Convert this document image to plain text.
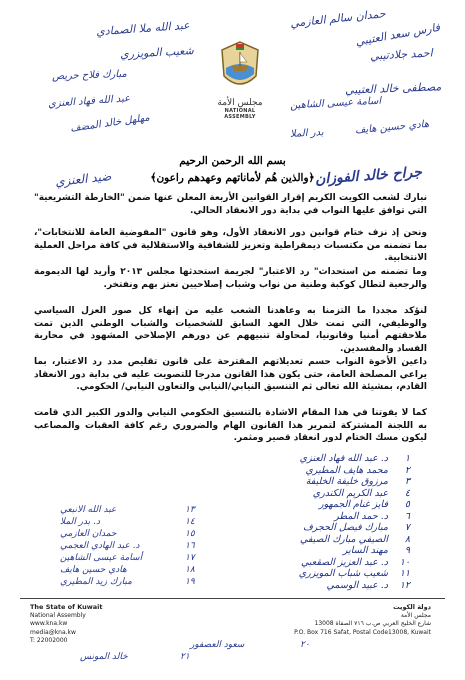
عبد الله ملا الصمادي	حمدان سالم العازمي
فارس سعد العتيبي
احمد جلادتيبي
شعيب المويزري
مصطفى خالد العتيبي
اسامة عيسى الشاهين
هادي حسين هايف
مبارك فلاح حريص
عبد الله فهاد العنزي
مهلهل خالد المضف	بدر الملا
جراح خالد الفوزان
ضيد العنزي
مجلس الأمة
NATIONAL ASSEMBLY
بسم الله الرحمن الرحيم
﴿والذين هُم لأماناتهم وعهدهم راعون﴾
نبارك لشعب الكويت الكريم إقرار القوانين الأربعة المعلن عنها ضمن "الخارطة التشريعية" التي توافق عليها النواب في بداية دور الانعقاد الحالي.
ونحن إذ نزف ختام قوانين دور الانعقاد الأول، وهو قانون "المفوضية العامة للانتخابات"، بما تضمنه من مكتسبات ديمقراطية وتعزيز للشفافية والاستقلالية في كافة مراحل العملية الانتخابية.
وما تضمنه من استحداث" رد الاعتبار" لجريمة استحدثها مجلس ٢٠١٣ وأريد لها الديمومة والرجعية لتطال كوكبة وطنية من نواب وشباب إصلاحيين نعتز بهم ونفتخر.
لنؤكد مجددا ما التزمنا به وعاهدنا الشعب عليه من إنهاء كل صور العزل السياسي والوظيفي، التي تمت خلال العهد السابق للشخصيات والشباب الوطني الذين تمت ملاحقتهم أمنيا وقانونيا، لمحاولة تنبيههم عن دورهم الإصلاحي المشهود في محاربة الفساد والمفسدين.
داعين الأخوة النواب حسم تعديلاتهم المقترحة على قانون تقليص مدد رد الاعتبار، بما يراعي المصلحة العامة، حتى يكون هذا القانون مدرجا للتصويت عليه في بداية دور الانعقاد القادم، بمشيئة الله تعالى ثم التنسيق النيابي/النيابي والتعاون النيابي/ الحكومي.
كما لا يفوتنا في هذا المقام الاشادة بالتنسيق الحكومي النيابي والدور الكبير الذي قامت به اللجنة المشتركة لتمرير هذا القانون الهام والضروري رغم كافة العقبات والمصاعب ليكون مسك الختام لدور انعقاد قصير ومثمر.
١
د. عبد الله فهاد العنزي
٢
محمد هايف المطيري
٣
مرزوق خليفة الخليفة
٤
عبد الكريم الكندري
٥
فايز غنام الجمهور
٦
د. حمد المطر
٧
مبارك فيصل الحجرف
٨
الصيفي مبارك الصيفي
٩
مهند الساير
١٠
د. عبد العزيز الصقعبي
١١
شعيب شباب المويزري
١٢
د. عبيد الوسمي
عبد الله الانبعي
د. بدر الملا
حمدان العازمي
د. عبد الهادي العجمي
أسامة عيسى الشاهين
هادي حسين هايف
مبارك زيد المطيري
سعود العصفور
خالد المونس
١٣
١٤
١٥
١٦
١٧
١٨
١٩
٢٠
٢١
The State of Kuwait
National Assembly
www.kna.kw
media@kna.kw
T: 22002000
دولة الكويت
مجلس الأمة
شارع الخليج العربي ص.ب ٧١٦ الصفاة 13008
P.O. Box 716 Safat, Postal Code13008, Kuwait
